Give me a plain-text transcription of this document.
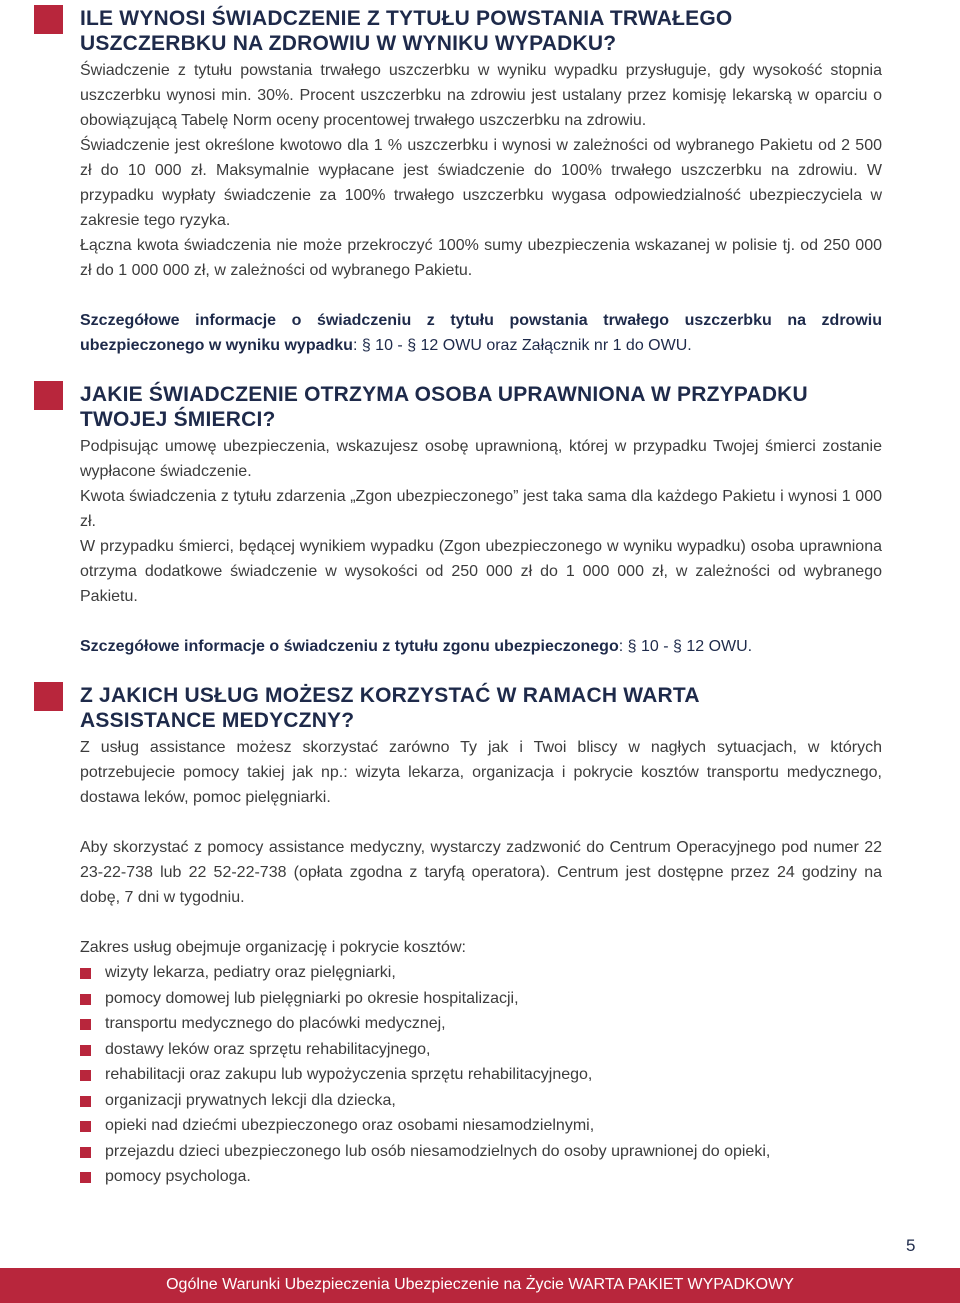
ILE WYNOSI ŚWIADCZENIE Z TYTUŁU POWSTANIA TRWAŁEGO
USZCZERBKU NA ZDROWIU W WYNIKU WYPADKU?

Świadczenie z tytułu powstania trwałego uszczerbku w wyniku wypadku przysługuje, gdy wysokość stopnia uszczerbku wynosi min. 30%. Procent uszczerbku na zdrowiu jest ustalany przez komisję lekarską w oparciu o obowiązującą Tabelę Norm oceny procentowej trwałego uszczerbku na zdrowiu.

Świadczenie jest określone kwotowo dla 1 % uszczerbku i wynosi w zależności od wybranego Pakietu od 2 500 zł do 10 000 zł. Maksymalnie wypłacane jest świadczenie do 100% trwałego uszczerbku na zdrowiu. W przypadku wypłaty świadczenie za 100% trwałego uszczerbku wygasa odpowiedzialność ubezpieczyciela w zakresie tego ryzyka.

Łączna kwota świadczenia nie może przekroczyć 100% sumy ubezpieczenia wskazanej w polisie tj. od 250 000 zł do 1 000 000 zł, w zależności od wybranego Pakietu.

Szczegółowe informacje o świadczeniu z tytułu powstania trwałego uszczerbku na zdrowiu ubezpieczonego w wyniku wypadku: § 10 - § 12 OWU oraz Załącznik nr 1 do OWU.

JAKIE ŚWIADCZENIE OTRZYMA OSOBA UPRAWNIONA W PRZYPADKU
TWOJEJ ŚMIERCI?

Podpisując umowę ubezpieczenia, wskazujesz osobę uprawnioną, której w przypadku Twojej śmierci zostanie wypłacone świadczenie.

Kwota świadczenia z tytułu zdarzenia „Zgon ubezpieczonego” jest taka sama dla każdego Pakietu i wynosi 1 000 zł.

W przypadku śmierci, będącej wynikiem wypadku (Zgon ubezpieczonego w wyniku wypadku) osoba uprawniona otrzyma dodatkowe świadczenie w wysokości od 250 000 zł do 1 000 000 zł, w zależności od wybranego Pakietu.

Szczegółowe informacje o świadczeniu z tytułu zgonu ubezpieczonego: § 10 - § 12 OWU.

Z JAKICH USŁUG MOŻESZ KORZYSTAĆ W RAMACH WARTA
ASSISTANCE MEDYCZNY?

Z usług assistance możesz skorzystać zarówno Ty jak i Twoi bliscy w nagłych sytuacjach, w których potrzebujecie pomocy takiej jak np.: wizyta lekarza, organizacja i pokrycie kosztów transportu medycznego, dostawa leków, pomoc pielęgniarki.

Aby skorzystać z pomocy assistance medyczny, wystarczy zadzwonić do Centrum Operacyjnego pod numer 22 23-22-738 lub 22 52-22-738 (opłata zgodna z taryfą operatora). Centrum jest dostępne przez 24 godziny na dobę, 7 dni w tygodniu.

Zakres usług obejmuje organizację i pokrycie kosztów:

wizyty lekarza, pediatry oraz pielęgniarki,
pomocy domowej lub pielęgniarki po okresie hospitalizacji,
transportu medycznego do placówki medycznej,
dostawy leków oraz sprzętu rehabilitacyjnego,
rehabilitacji oraz zakupu lub wypożyczenia sprzętu rehabilitacyjnego,
organizacji prywatnych lekcji dla dziecka,
opieki nad dziećmi ubezpieczonego oraz osobami niesamodzielnymi,
przejazdu dzieci ubezpieczonego lub osób niesamodzielnych do osoby uprawnionej do opieki,
pomocy psychologa.
5
Ogólne Warunki Ubezpieczenia Ubezpieczenie na Życie WARTA PAKIET WYPADKOWY
